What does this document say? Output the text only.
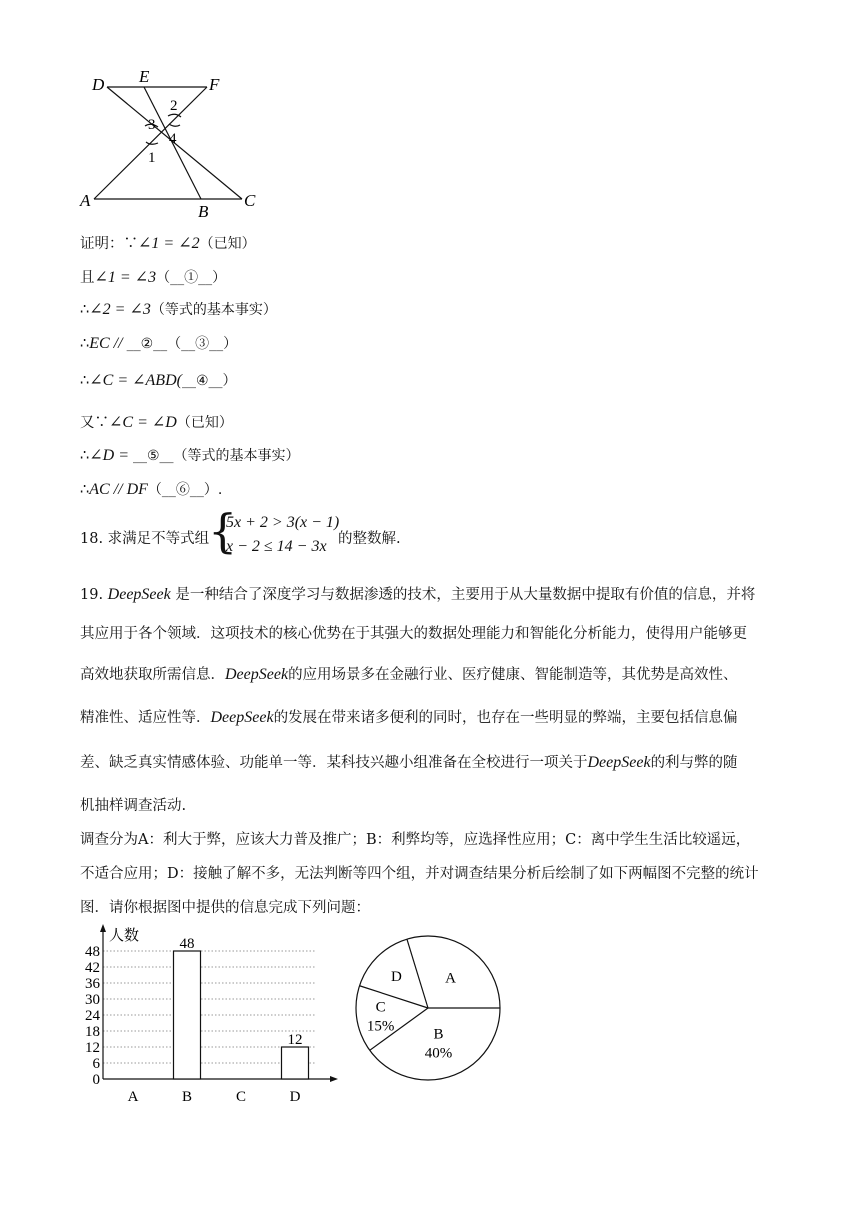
D E	F
A
B
C
2
3
4
1
证明：∵∠1 = ∠2（已知）
且∠1 = ∠3（__①__）
∴∠2 = ∠3（等式的基本事实）
∴EC // __②__（__③__）
∴∠C = ∠ABD(__④__）
又∵∠C = ∠D（已知）
∴∠D = __⑤__（等式的基本事实）
∴AC // DF（__⑥__）.
18. 求满足不等式组
{
5x + 2 > 3(x − 1)
x − 2 ≤ 14 − 3x 的整数解.
19. DeepSeek 是一种结合了深度学习与数据渗透的技术，主要用于从大量数据中提取有价值的信息，并将
其应用于各个领域．这项技术的核心优势在于其强大的数据处理能力和智能化分析能力，使得用户能够更
高效地获取所需信息．DeepSeek的应用场景多在金融行业、医疗健康、智能制造等，其优势是高效性、
精准性、适应性等．DeepSeek的发展在带来诸多便利的同时，也存在一些明显的弊端，主要包括信息偏
差、缺乏真实情感体验、功能单一等．某科技兴趣小组准备在全校进行一项关于DeepSeek的利与弊的随
机抽样调查活动.
调查分为A：利大于弊，应该大力普及推广；B：利弊均等，应选择性应用；C：离中学生生活比较遥远，
不适合应用；D：接触了解不多，无法判断等四个组，并对调查结果分析后绘制了如下两幅图不完整的统计
图．请你根据图中提供的信息完成下列问题：
0
6
12
18
24
30
36
42
48
人数
A	B
48
C	D
12
A
B
40%
C
15%
D
